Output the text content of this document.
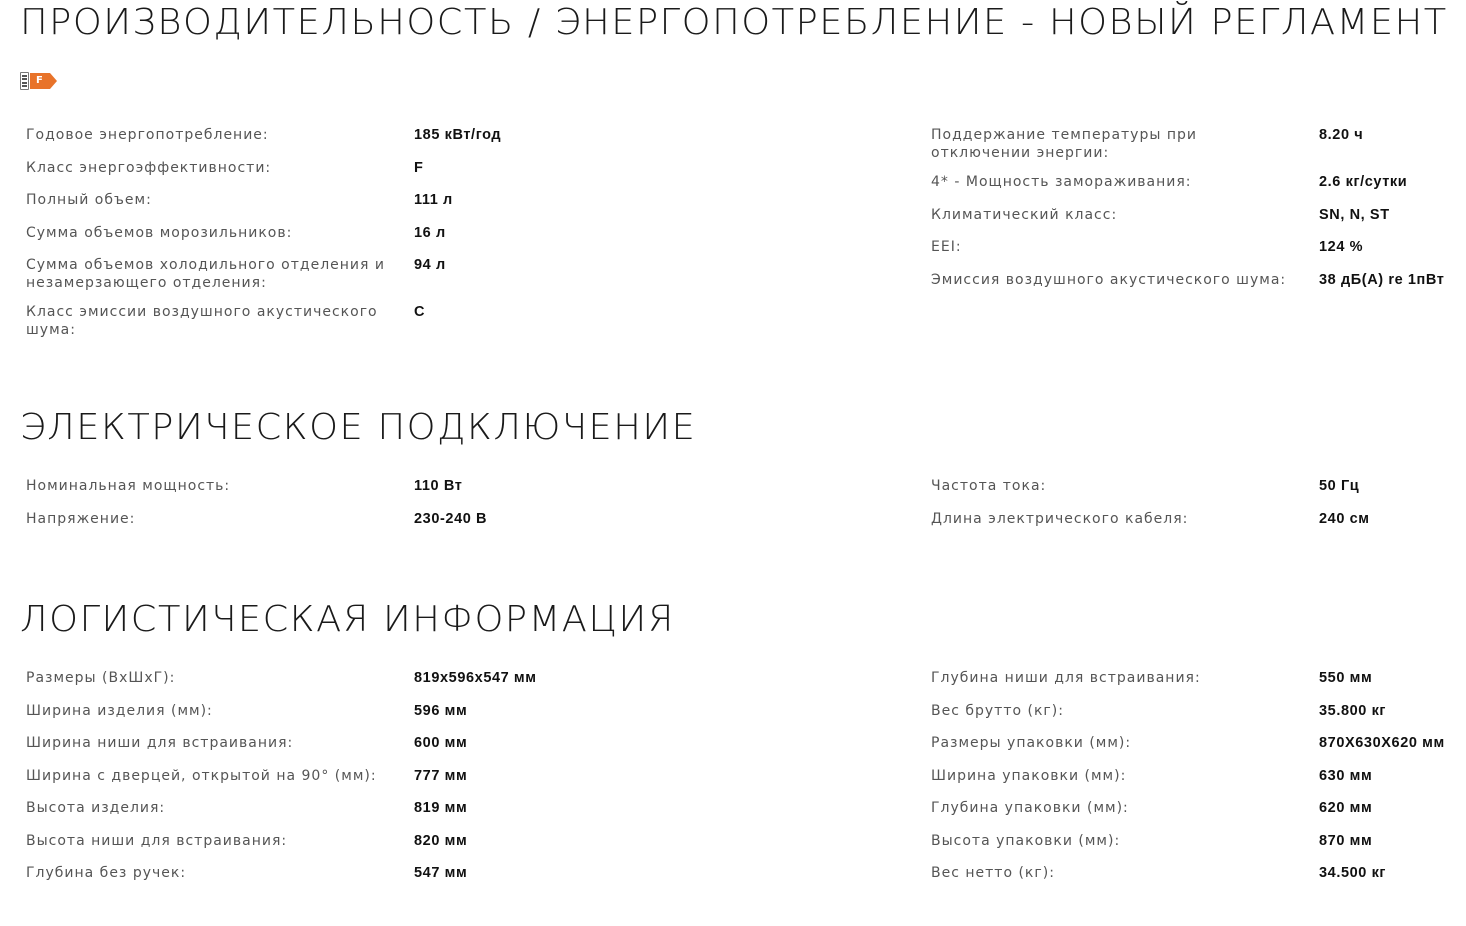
ПРОИЗВОДИТЕЛЬНОСТЬ / ЭНЕРГОПОТРЕБЛЕНИЕ - НОВЫЙ РЕГЛАМЕНТ
F
Годовое энергопотребление:	185 кВт/год
Класс энергоэффективности:	F
Полный объем:	111 л
Сумма объемов морозильников:	16 л
Сумма объемов холодильного отделения и незамерзающего отделения:
94 л
Класс эмиссии воздушного акустического шума:
C
Поддержание температуры при отключении энергии:
8.20 ч
4* - Мощность замораживания:	2.6 кг/сутки
Климатический класс:	SN, N, ST
EEI:	124 %
Эмиссия воздушного акустического шума:	38 дБ(A) re 1пВт
ЭЛЕКТРИЧЕСКОЕ ПОДКЛЮЧЕНИЕ
Номинальная мощность:	110 Вт
Напряжение:	230-240 В
Частота тока:	50 Гц
Длина электрического кабеля:	240 см
ЛОГИСТИЧЕСКАЯ ИНФОРМАЦИЯ
Размеры (ВхШхГ):	819x596x547 мм
Ширина изделия (мм):	596 мм
Ширина ниши для встраивания:	600 мм
Ширина с дверцей, открытой на 90° (мм):	777 мм
Высота изделия:	819 мм
Высота ниши для встраивания:	820 мм
Глубина без ручек:	547 мм
Глубина ниши для встраивания:	550 мм
Вес брутто (кг):	35.800 кг
Размеры упаковки (мм):	870X630X620 мм
Ширина упаковки (мм):	630 мм
Глубина упаковки (мм):	620 мм
Высота упаковки (мм):	870 мм
Вес нетто (кг):	34.500 кг
